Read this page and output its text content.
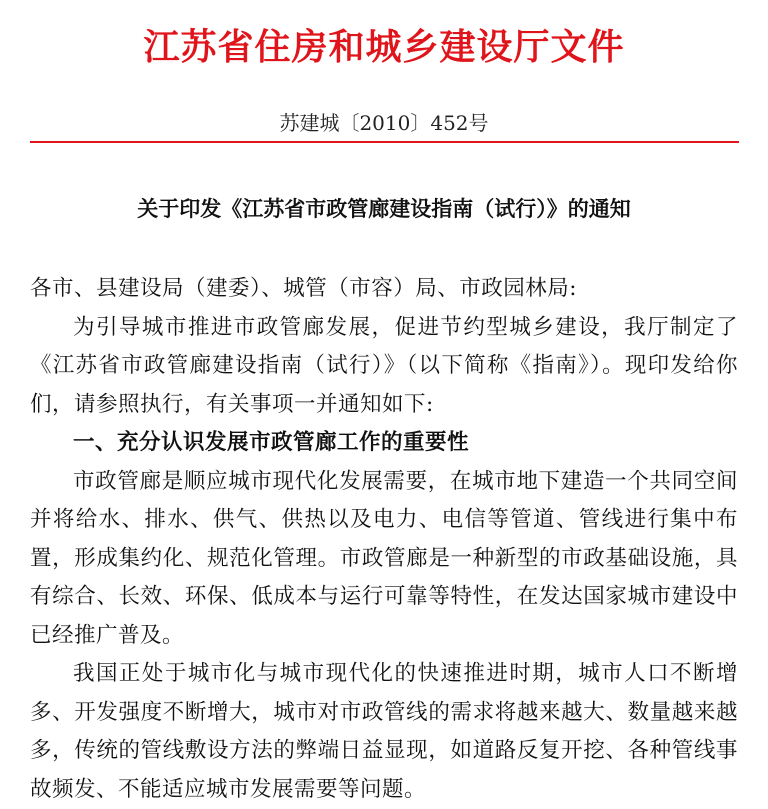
江苏省住房和城乡建设厅文件
苏建城〔2010〕452号
关于印发《江苏省市政管廊建设指南（试行）》的通知

各市、县建设局（建委）、城管（市容）局、市政园林局:

为引导城市推进市政管廊发展，促进节约型城乡建设，我厅制定了《江苏省市政管廊建设指南（试行）》（以下简称《指南》）。现印发给你们，请参照执行，有关事项一并通知如下:

一、充分认识发展市政管廊工作的重要性

市政管廊是顺应城市现代化发展需要，在城市地下建造一个共同空间并将给水、排水、供气、供热以及电力、电信等管道、管线进行集中布置，形成集约化、规范化管理。市政管廊是一种新型的市政基础设施，具有综合、长效、环保、低成本与运行可靠等特性，在发达国家城市建设中已经推广普及。

我国正处于城市化与城市现代化的快速推进时期，城市人口不断增多、开发强度不断增大，城市对市政管线的需求将越来越大、数量越来越多，传统的管线敷设方法的弊端日益显现，如道路反复开挖、各种管线事故频发、不能适应城市发展需要等问题。
